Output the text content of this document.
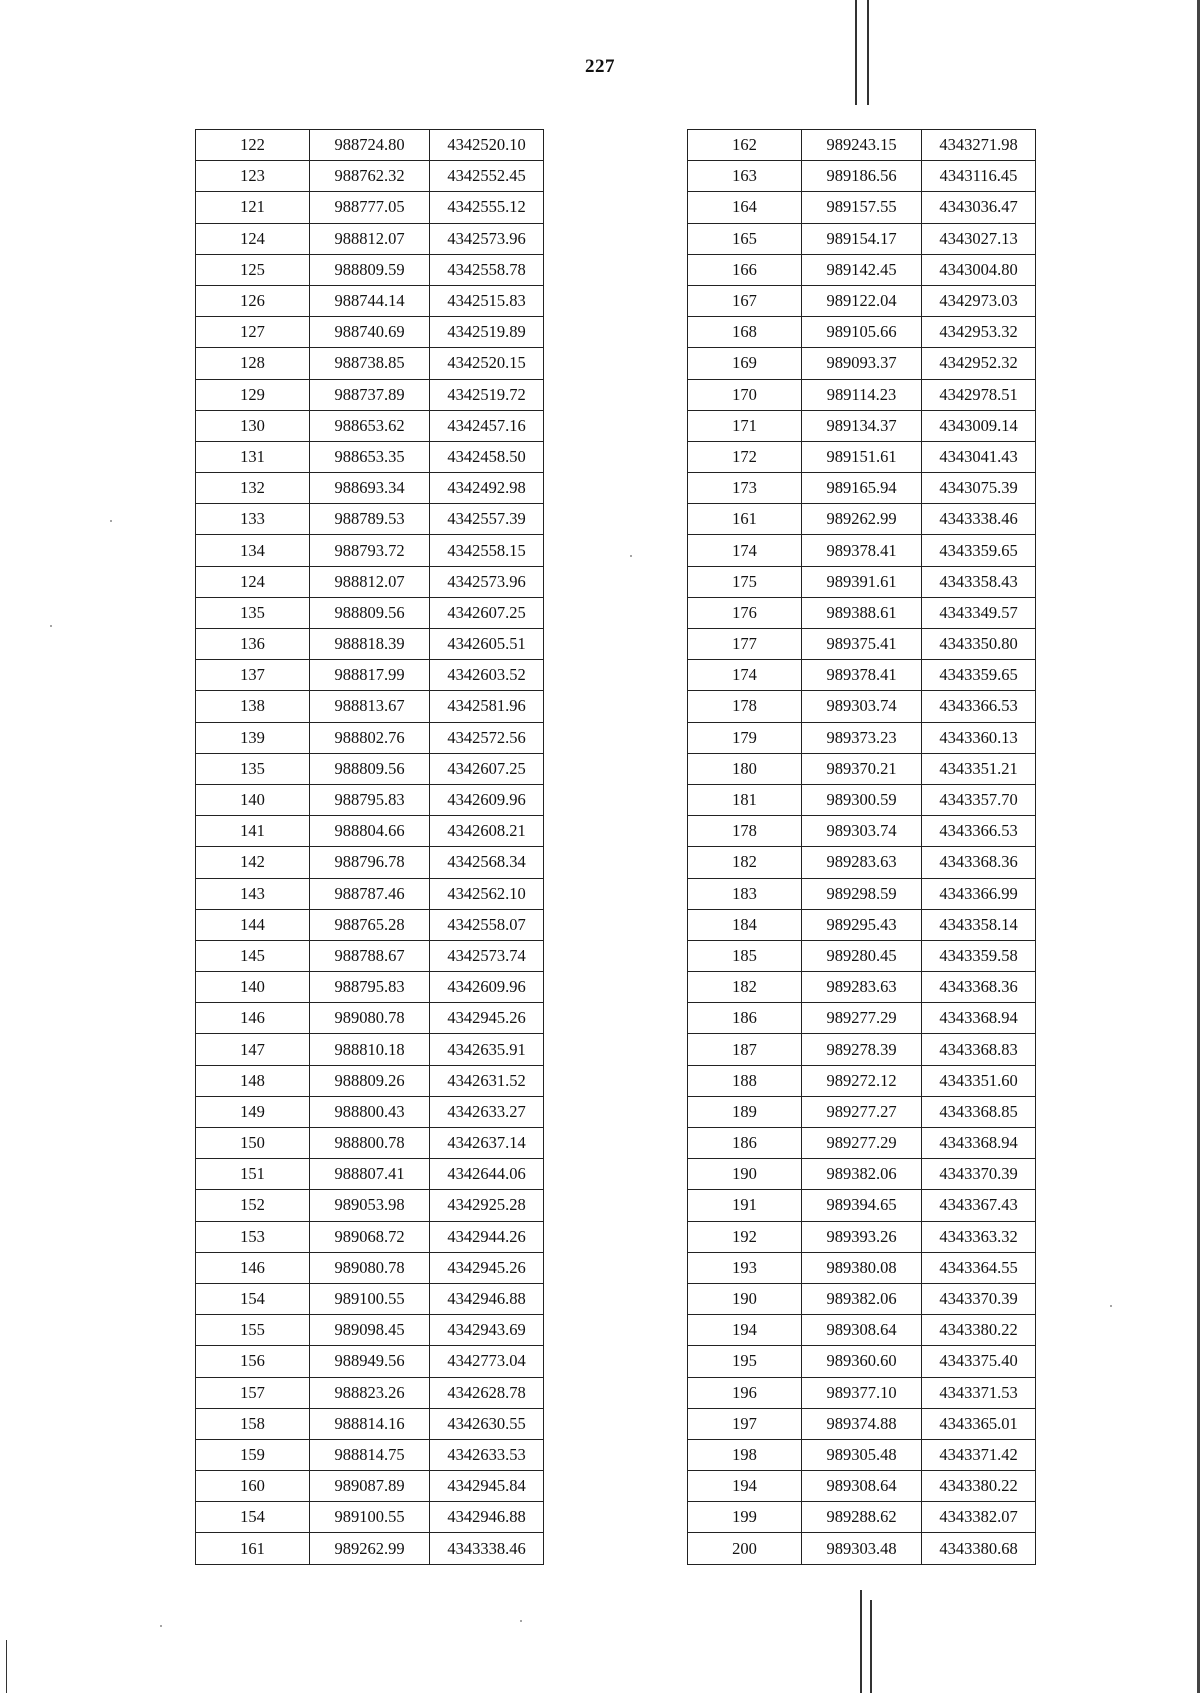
227
122	988724.80	4342520.10
123	988762.32	4342552.45
121	988777.05	4342555.12
124	988812.07	4342573.96
125	988809.59	4342558.78
126	988744.14	4342515.83
127	988740.69	4342519.89
128	988738.85	4342520.15
129	988737.89	4342519.72
130	988653.62	4342457.16
131	988653.35	4342458.50
132	988693.34	4342492.98
133	988789.53	4342557.39
134	988793.72	4342558.15
124	988812.07	4342573.96
135	988809.56	4342607.25
136	988818.39	4342605.51
137	988817.99	4342603.52
138	988813.67	4342581.96
139	988802.76	4342572.56
135	988809.56	4342607.25
140	988795.83	4342609.96
141	988804.66	4342608.21
142	988796.78	4342568.34
143	988787.46	4342562.10
144	988765.28	4342558.07
145	988788.67	4342573.74
140	988795.83	4342609.96
146	989080.78	4342945.26
147	988810.18	4342635.91
148	988809.26	4342631.52
149	988800.43	4342633.27
150	988800.78	4342637.14
151	988807.41	4342644.06
152	989053.98	4342925.28
153	989068.72	4342944.26
146	989080.78	4342945.26
154	989100.55	4342946.88
155	989098.45	4342943.69
156	988949.56	4342773.04
157	988823.26	4342628.78
158	988814.16	4342630.55
159	988814.75	4342633.53
160	989087.89	4342945.84
154	989100.55	4342946.88
161	989262.99	4343338.46
162	989243.15	4343271.98
163	989186.56	4343116.45
164	989157.55	4343036.47
165	989154.17	4343027.13
166	989142.45	4343004.80
167	989122.04	4342973.03
168	989105.66	4342953.32
169	989093.37	4342952.32
170	989114.23	4342978.51
171	989134.37	4343009.14
172	989151.61	4343041.43
173	989165.94	4343075.39
161	989262.99	4343338.46
174	989378.41	4343359.65
175	989391.61	4343358.43
176	989388.61	4343349.57
177	989375.41	4343350.80
174	989378.41	4343359.65
178	989303.74	4343366.53
179	989373.23	4343360.13
180	989370.21	4343351.21
181	989300.59	4343357.70
178	989303.74	4343366.53
182	989283.63	4343368.36
183	989298.59	4343366.99
184	989295.43	4343358.14
185	989280.45	4343359.58
182	989283.63	4343368.36
186	989277.29	4343368.94
187	989278.39	4343368.83
188	989272.12	4343351.60
189	989277.27	4343368.85
186	989277.29	4343368.94
190	989382.06	4343370.39
191	989394.65	4343367.43
192	989393.26	4343363.32
193	989380.08	4343364.55
190	989382.06	4343370.39
194	989308.64	4343380.22
195	989360.60	4343375.40
196	989377.10	4343371.53
197	989374.88	4343365.01
198	989305.48	4343371.42
194	989308.64	4343380.22
199	989288.62	4343382.07
200	989303.48	4343380.68
